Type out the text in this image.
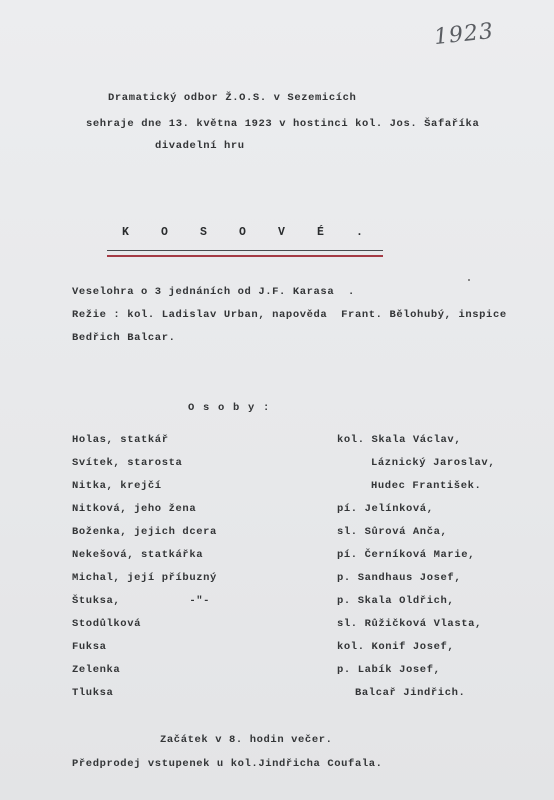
1923
Dramatický odbor Ž.O.S. v Sezemicích
sehraje dne 13. května 1923 v hostinci kol. Jos. Šafaříka
divadelní hru
K	O	S	O	V	É	.
Veselohra o 3 jednáních od J.F. Karasa  .
Režie : kol. Ladislav Urban, napověda  Frant. Bělohubý, inspice
Bedřich Balcar.
O s o b y :
Holas, statkář	kol. Skala Václav,
Svítek, starosta	Láznický Jaroslav,
Nitka, krejčí	Hudec František.
Nitková, jeho žena	pí. Jelínková,
Boženka, jejich dcera	sl. Sůrová Anča,
Nekešová, statkářka	pí. Černíková Marie,
Michal, její příbuzný	p. Sandhaus Josef,
Štuksa,          -"-	p. Skala Oldřich,
Stodůlková	sl. Růžičková Vlasta,
Fuksa	kol. Konif Josef,
Zelenka	p. Labík Josef,
Tluksa	Balcař Jindřich.
Začátek v 8. hodin večer.
Předprodej vstupenek u kol.Jindřicha Coufala.
